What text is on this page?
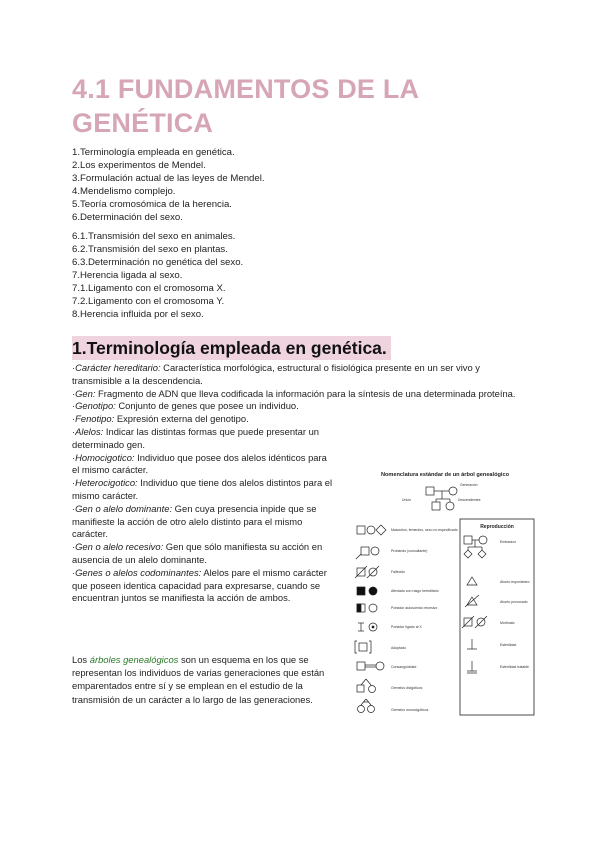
4.1 FUNDAMENTOS DE LA
GENÉTICA
1.Terminología empleada en genética.
2.Los experimentos de Mendel.
3.Formulación actual de las leyes de Mendel.
4.Mendelismo complejo.
5.Teoría cromosómica de la herencia.
6.Determinación del sexo.
6.1.Transmisión del sexo en animales.
6.2.Transmisión del sexo en plantas.
6.3.Determinación no genética del sexo.
7.Herencia ligada al sexo.
7.1.Ligamento con el cromosoma X.
7.2.Ligamento con el cromosoma Y.
8.Herencia influida por el sexo.
1.Terminología empleada en genética.
·Carácter hereditario: Característica morfológica, estructural o fisiológica presente en un ser vivo y transmisible a la descendencia.
·Gen: Fragmento de ADN que lleva codificada la información para la síntesis de una determinada proteína.
·Genotipo: Conjunto de genes que posee un individuo.
·Fenotipo: Expresión externa del genotipo.
·Alelos: Indicar las distintas formas que puede presentar un determinado gen.
·Homocigotico: Individuo que posee dos alelos idénticos para el mismo carácter.
·Heterocigotico: Individuo que tiene dos alelos distintos para el mismo carácter.
·Gen o alelo dominante: Gen cuya presencia inpide que se manifieste la acción de otro alelo distinto para el mismo carácter.
·Gen o alelo recesivo: Gen que sólo manifiesta su acción en ausencia de un alelo dominante.
·Genes o alelos codominantes: Alelos pare el mismo carácter que poseen identica capacidad para expresarse, cuando se encuentran juntos se manifiesta la acción de ambos.
Los árboles genealógicos son un esquema en los que se representan los individuos de varias generaciones que están emparentados entre sí y se emplean en el estudio de la transmisión de un carácter a lo largo de las generaciones.
Nomenclatura estándar de un árbol genealógico
Generación
Unión	Descendientes
Masculino, femenino, sexo no especificado
Probando (consultante)
Fallecido
Afectado con rasgo hereditario
Portador autosómico recesivo
Portador ligado al X
Adoptado
Consanguinidad
Gemelos dicigóticos
Gemelos monocigóticos
Reproducción
Embarazo
Aborto espontáneo
Aborto provocado
Mortinato
Esterilidad
Esterilidad tratable
